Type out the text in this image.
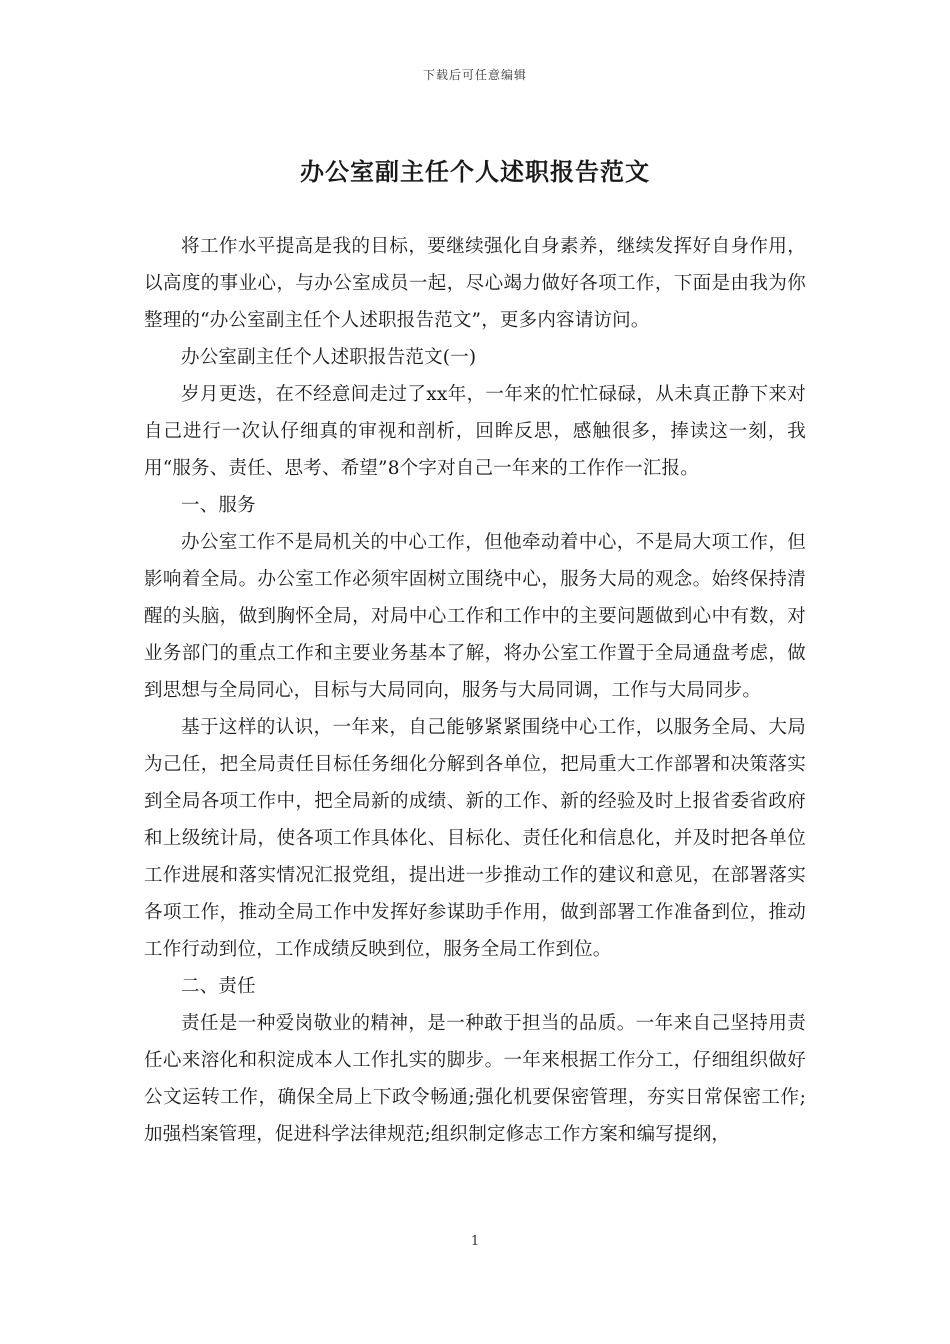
下载后可任意编辑
办公室副主任个人述职报告范文

将工作水平提高是我的目标，要继续强化自身素养，继续发挥好自身作用，以高度的事业心，与办公室成员一起，尽心竭力做好各项工作，下面是由我为你整理的“办公室副主任个人述职报告范文”，更多内容请访问。

办公室副主任个人述职报告范文(一)

岁月更迭，在不经意间走过了xx年，一年来的忙忙碌碌，从未真正静下来对自己进行一次认仔细真的审视和剖析，回眸反思，感触很多，捧读这一刻，我用“服务、责任、思考、希望”8个字对自己一年来的工作作一汇报。

一、服务

办公室工作不是局机关的中心工作，但他牵动着中心，不是局大项工作，但影响着全局。办公室工作必须牢固树立围绕中心，服务大局的观念。始终保持清醒的头脑，做到胸怀全局，对局中心工作和工作中的主要问题做到心中有数，对业务部门的重点工作和主要业务基本了解，将办公室工作置于全局通盘考虑，做到思想与全局同心，目标与大局同向，服务与大局同调，工作与大局同步。

基于这样的认识，一年来，自己能够紧紧围绕中心工作，以服务全局、大局为己任，把全局责任目标任务细化分解到各单位，把局重大工作部署和决策落实到全局各项工作中，把全局新的成绩、新的工作、新的经验及时上报省委省政府和上级统计局，使各项工作具体化、目标化、责任化和信息化，并及时把各单位工作进展和落实情况汇报党组，提出进一步推动工作的建议和意见，在部署落实各项工作，推动全局工作中发挥好参谋助手作用，做到部署工作准备到位，推动工作行动到位，工作成绩反映到位，服务全局工作到位。

二、责任

责任是一种爱岗敬业的精神，是一种敢于担当的品质。一年来自己坚持用责任心来溶化和积淀成本人工作扎实的脚步。一年来根据工作分工，仔细组织做好公文运转工作，确保全局上下政令畅通;强化机要保密管理，夯实日常保密工作;加强档案管理，促进科学法律规范;组织制定修志工作方案和编写提纲，

1
